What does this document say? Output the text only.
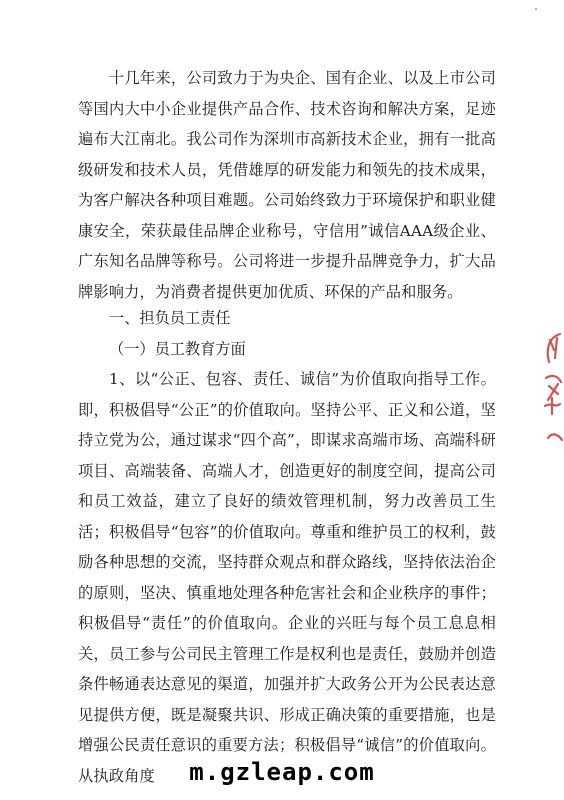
十几年来，公司致力于为央企、国有企业、以及上市公司等国内大中小企业提供产品合作、技术咨询和解决方案，足迹遍布大江南北。我公司作为深圳市高新技术企业，拥有一批高级研发和技术人员，凭借雄厚的研发能力和领先的技术成果，为客户解决各种项目难题。公司始终致力于环境保护和职业健康安全，荣获最佳品牌企业称号，守信用”诚信AAA级企业、广东知名品牌等称号。公司将进一步提升品牌竞争力，扩大品牌影响力，为消费者提供更加优质、环保的产品和服务。

一、担负员工责任
（一）员工教育方面

1、以“公正、包容、责任、诚信”为价值取向指导工作。即，积极倡导“公正”的价值取向。坚持公平、正义和公道，坚持立党为公，通过谋求“四个高”，即谋求高端市场、高端科研项目、高端装备、高端人才，创造更好的制度空间，提高公司和员工效益，建立了良好的绩效管理机制，努力改善员工生活；积极倡导“包容”的价值取向。尊重和维护员工的权利，鼓励各种思想的交流，坚持群众观点和群众路线，坚持依法治企的原则，坚决、慎重地处理各种危害社会和企业秩序的事件；积极倡导“责任”的价值取向。企业的兴旺与每个员工息息相关，员工参与公司民主管理工作是权利也是责任，鼓励并创造条件畅通表达意见的渠道，加强并扩大政务公开为公民表达意见提供方便，既是凝聚共识、形成正确决策的重要措施，也是增强公民责任意识的重要方法；积极倡导“诚信”的价值取向。从执政角度	m.gzleap.com
